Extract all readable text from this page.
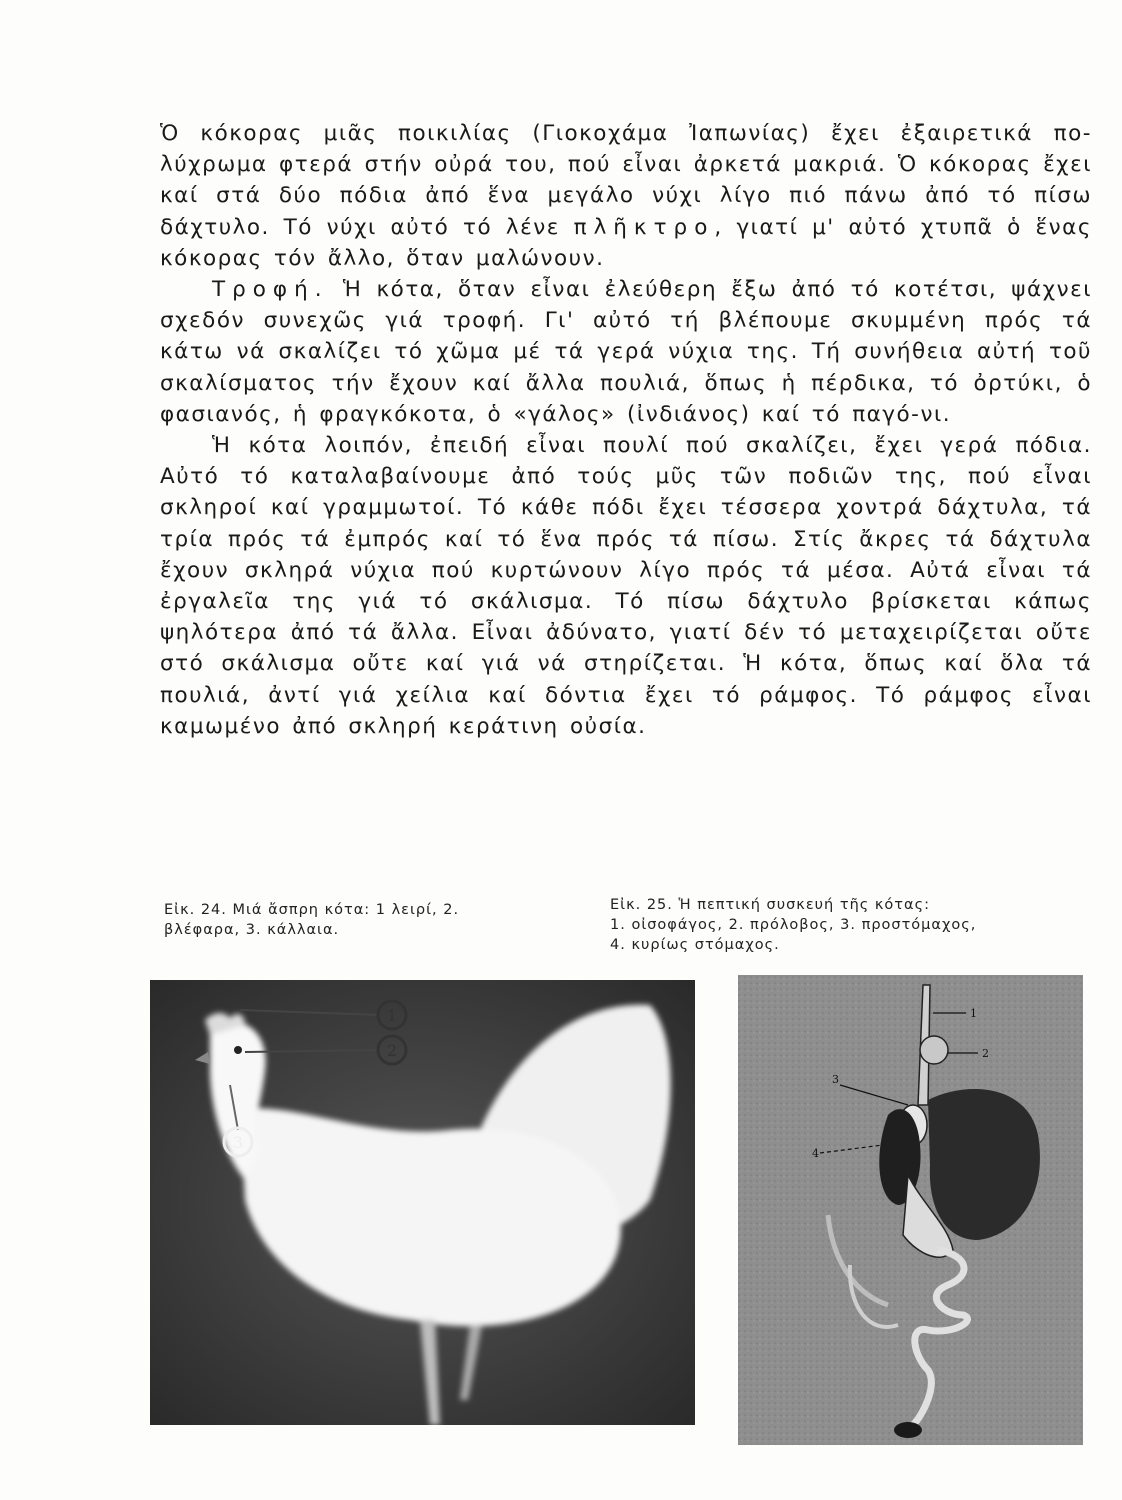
Ὁ κόκορας μιᾶς ποικιλίας (Γιοκοχάμα Ἰαπωνίας) ἔχει ἐξαιρετικά πο- λύχρωμα φτερά στήν οὐρά του, πού εἶναι ἀρκετά μακριά. Ὁ κόκορας ἔχει καί στά δύο πόδια ἀπό ἕνα μεγάλο νύχι λίγο πιό πάνω ἀπό τό πίσω δάχτυλο. Τό νύχι αὐτό τό λένε πλῆκτρο, γιατί μ' αὐτό χτυπᾶ ὁ ἕνας κόκορας τόν ἄλλο, ὅταν μαλώνουν.

Τροφή. Ἡ κότα, ὅταν εἶναι ἐλεύθερη ἔξω ἀπό τό κοτέτσι, ψάχνει σχεδόν συνεχῶς γιά τροφή. Γι' αὐτό τή βλέπουμε σκυμμένη πρός τά κάτω νά σκαλίζει τό χῶμα μέ τά γερά νύχια της. Τή συνήθεια αὐτή τοῦ σκαλίσματος τήν ἔχουν καί ἄλλα πουλιά, ὅπως ἡ πέρδικα, τό ὀρτύκι, ὁ φασιανός, ἡ φραγκόκοτα, ὁ «γάλος» (ἰνδιάνος) καί τό παγό-νι.

Ἡ κότα λοιπόν, ἐπειδή εἶναι πουλί πού σκαλίζει, ἔχει γερά πόδια. Αὐτό τό καταλαβαίνουμε ἀπό τούς μῦς τῶν ποδιῶν της, πού εἶναι σκληροί καί γραμμωτοί. Τό κάθε πόδι ἔχει τέσσερα χοντρά δάχτυλα, τά τρία πρός τά ἐμπρός καί τό ἕνα πρός τά πίσω. Στίς ἄκρες τά δάχτυλα ἔχουν σκληρά νύχια πού κυρτώνουν λίγο πρός τά μέσα. Αὐτά εἶναι τά ἐργαλεῖα της γιά τό σκάλισμα. Τό πίσω δάχτυλο βρίσκεται κάπως ψηλότερα ἀπό τά ἄλλα. Εἶναι ἀδύνατο, γιατί δέν τό μεταχειρίζεται οὔτε στό σκάλισμα οὔτε καί γιά νά στηρίζεται. Ἡ κότα, ὅπως καί ὅλα τά πουλιά, ἀντί γιά χείλια καί δόντια ἔχει τό ράμφος. Τό ράμφος εἶναι καμωμένο ἀπό σκληρή κεράτινη οὐσία.

Εἰκ. 24. Μιά ἄσπρη κότα: 1 λειρί, 2.
βλέφαρα, 3. κάλλαια.
Εἰκ. 25. Ἡ πεπτική συσκευή τῆς κότας:
1. οἰσοφάγος, 2. πρόλοβος, 3. προστόμαχος,
4. κυρίως στόμαχος.
1
2
3
1
2
3
4
